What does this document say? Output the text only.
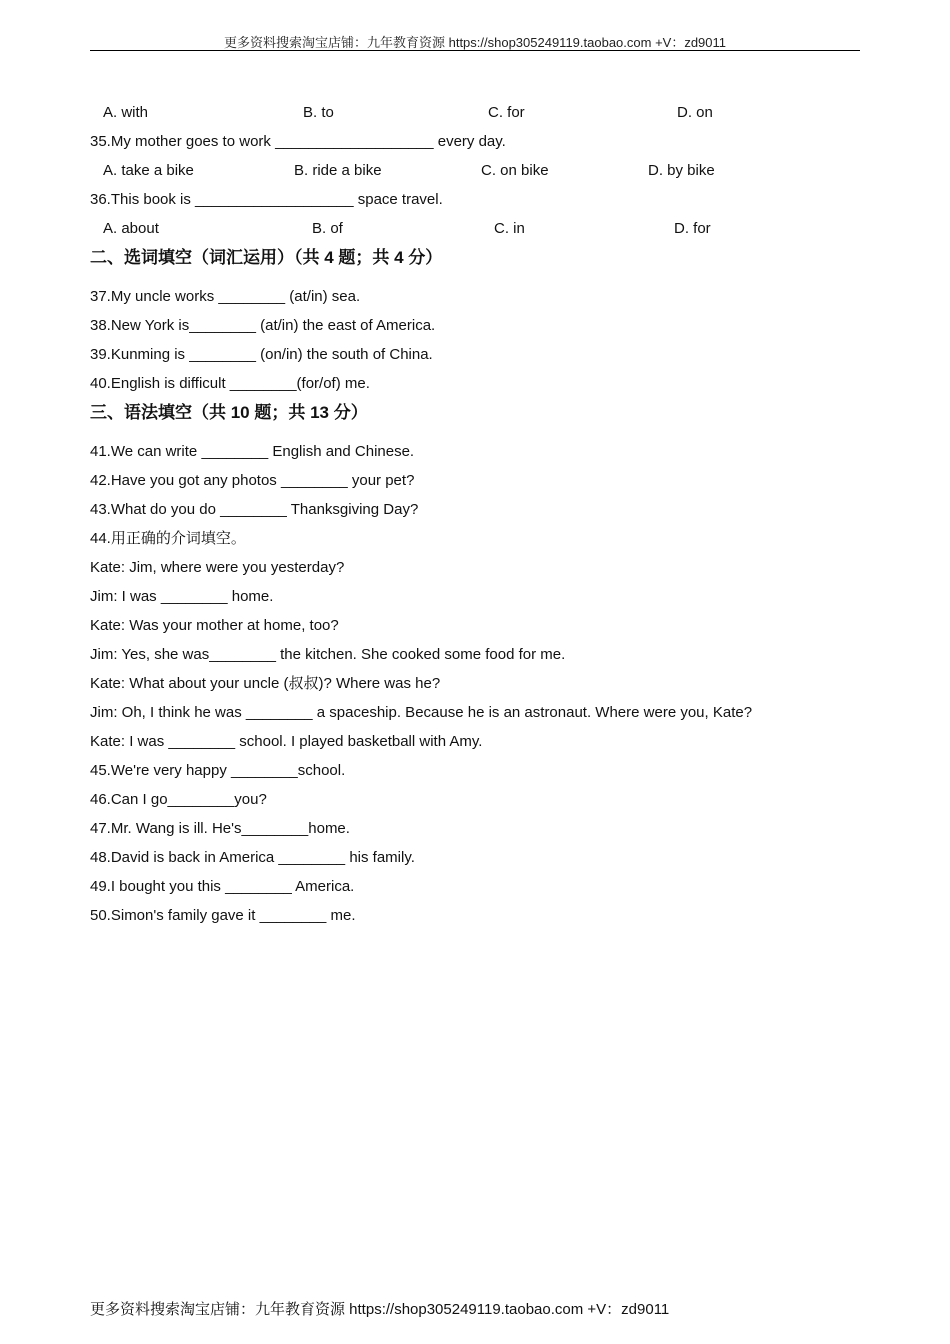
更多资料搜索淘宝店铺：九年教育资源 https://shop305249119.taobao.com +V：zd9011
A. with	B. to	C. for	D. on
35.My mother goes to work ___________________ every day.
A. take a bike	B. ride a bike	C. on bike	D. by bike
36.This book is ___________________ space travel.
A. about	B. of	C. in	D. for
二、选词填空（词汇运用）（共 4 题；共 4 分）
37.My uncle works ________ (at/in) sea.
38.New York is________ (at/in) the east of America.
39.Kunming is ________ (on/in) the south of China.
40.English is difficult ________(for/of) me.
三、语法填空（共 10 题；共 13 分）
41.We can write ________ English and Chinese.
42.Have you got any photos ________ your pet?
43.What do you do ________ Thanksgiving Day?
44.用正确的介词填空。
Kate: Jim, where were you yesterday?
Jim: I was ________ home.
Kate: Was your mother at home, too?
Jim: Yes, she was________ the kitchen. She cooked some food for me.
Kate: What about your uncle (叔叔)? Where was he?
Jim: Oh, I think he was ________ a spaceship. Because he is an astronaut. Where were you, Kate?
Kate: I was ________ school. I played basketball with Amy.
45.We're very happy ________school.
46.Can I go________you?
47.Mr. Wang is ill. He's________home.
48.David is back in America ________ his family.
49.I bought you this ________ America.
50.Simon's family gave it ________ me.
更多资料搜索淘宝店铺：九年教育资源 https://shop305249119.taobao.com +V：zd9011
